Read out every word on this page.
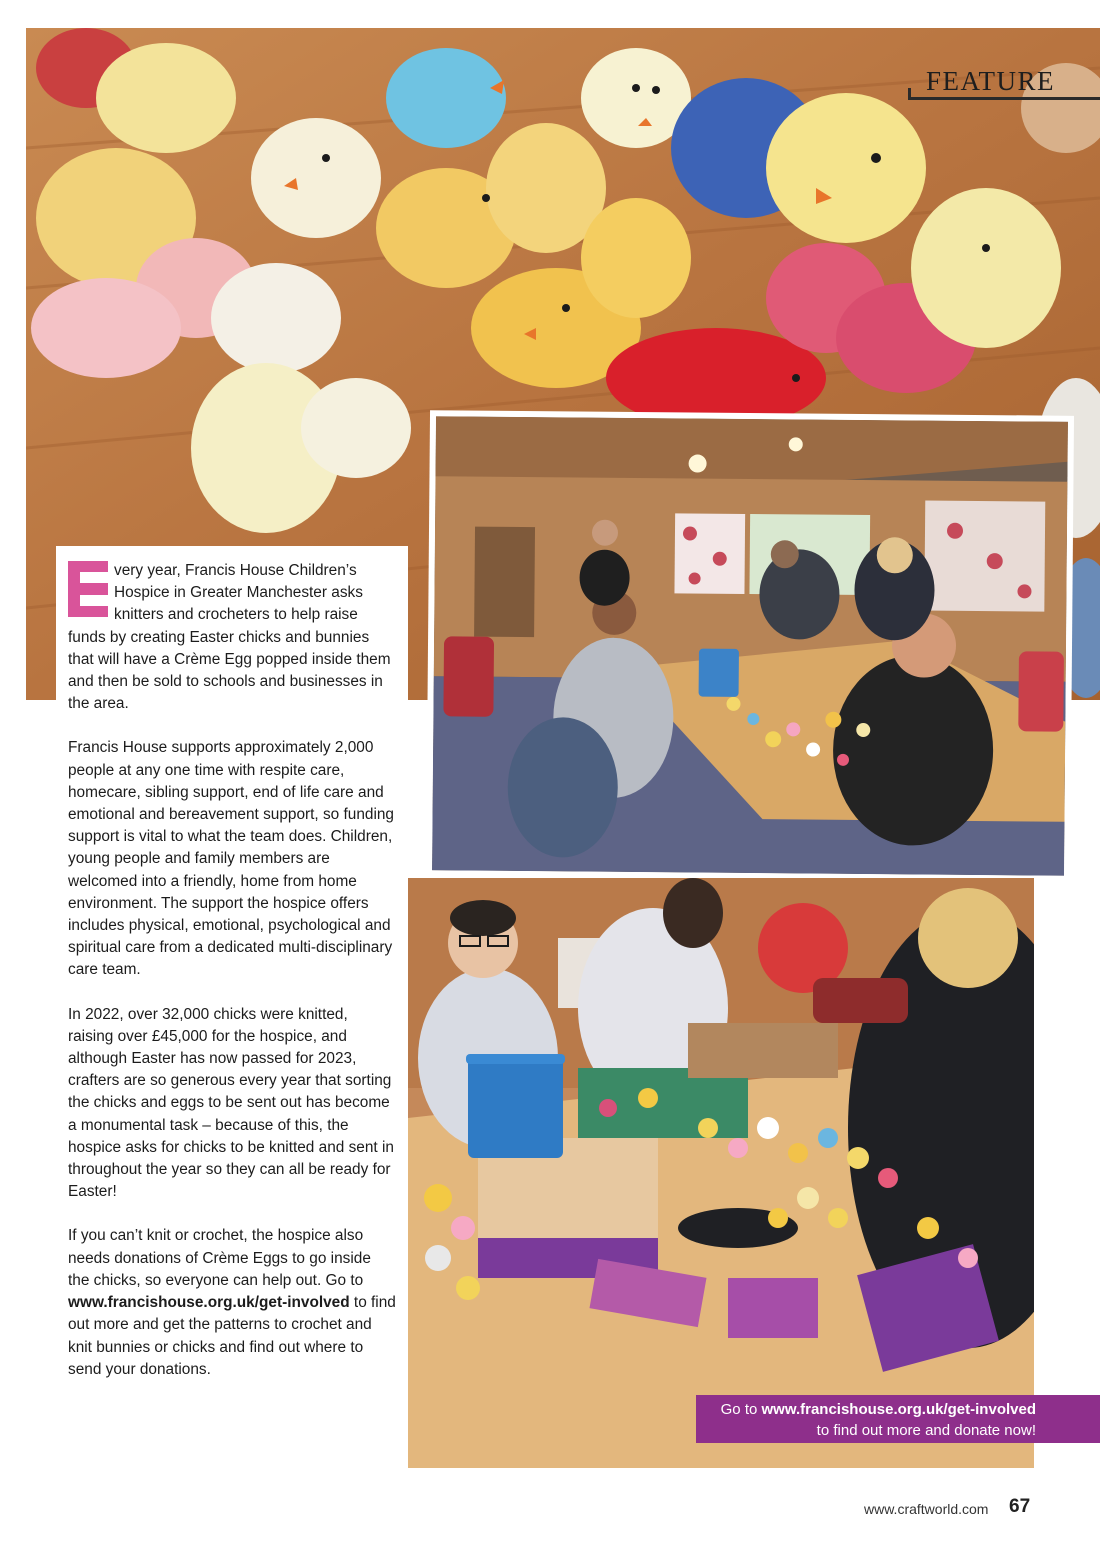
FEATURE

very year, Francis House Children’s Hospice in Greater Manchester asks knitters and crocheters to help raise funds by creating Easter chicks and bunnies that will have a Crème Egg popped inside them and then be sold to schools and businesses in the area.

Francis House supports approximately 2,000 people at any one time with respite care, homecare, sibling support, end of life care and emotional and bereavement support, so funding support is vital to what the team does. Children, young people and family members are welcomed into a friendly, home from home environment. The support the hospice offers includes physical, emotional, psychological and spiritual care from a dedicated multi-disciplinary care team.

In 2022, over 32,000 chicks were knitted, raising over £45,000 for the hospice, and although Easter has now passed for 2023, crafters are so generous every year that sorting the chicks and eggs to be sent out has become a monumental task – because of this, the hospice asks for chicks to be knitted and sent in throughout the year so they can all be ready for Easter!

If you can’t knit or crochet, the hospice also needs donations of Crème Eggs to go inside the chicks, so everyone can help out. Go to www.francishouse.org.uk/get-involved to find out more and get the patterns to crochet and knit bunnies or chicks and find out where to send your donations.

Go to www.francishouse.org.uk/get-involved
to find out more and donate now!
www.craftworld.com 67
